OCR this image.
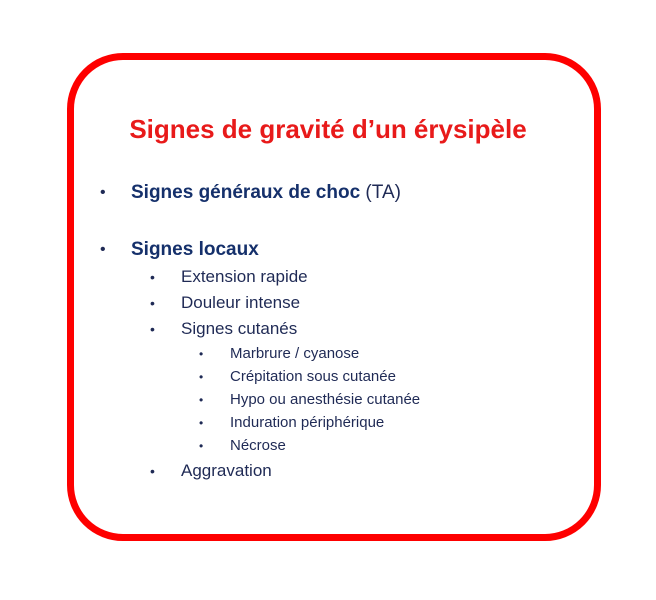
Signes de gravité d’un érysipèle
• Signes généraux de choc (TA)
• Signes locaux
• Extension rapide
• Douleur intense
• Signes cutanés
• Marbrure / cyanose
• Crépitation sous cutanée
• Hypo ou anesthésie cutanée
• Induration périphérique
• Nécrose
• Aggravation
